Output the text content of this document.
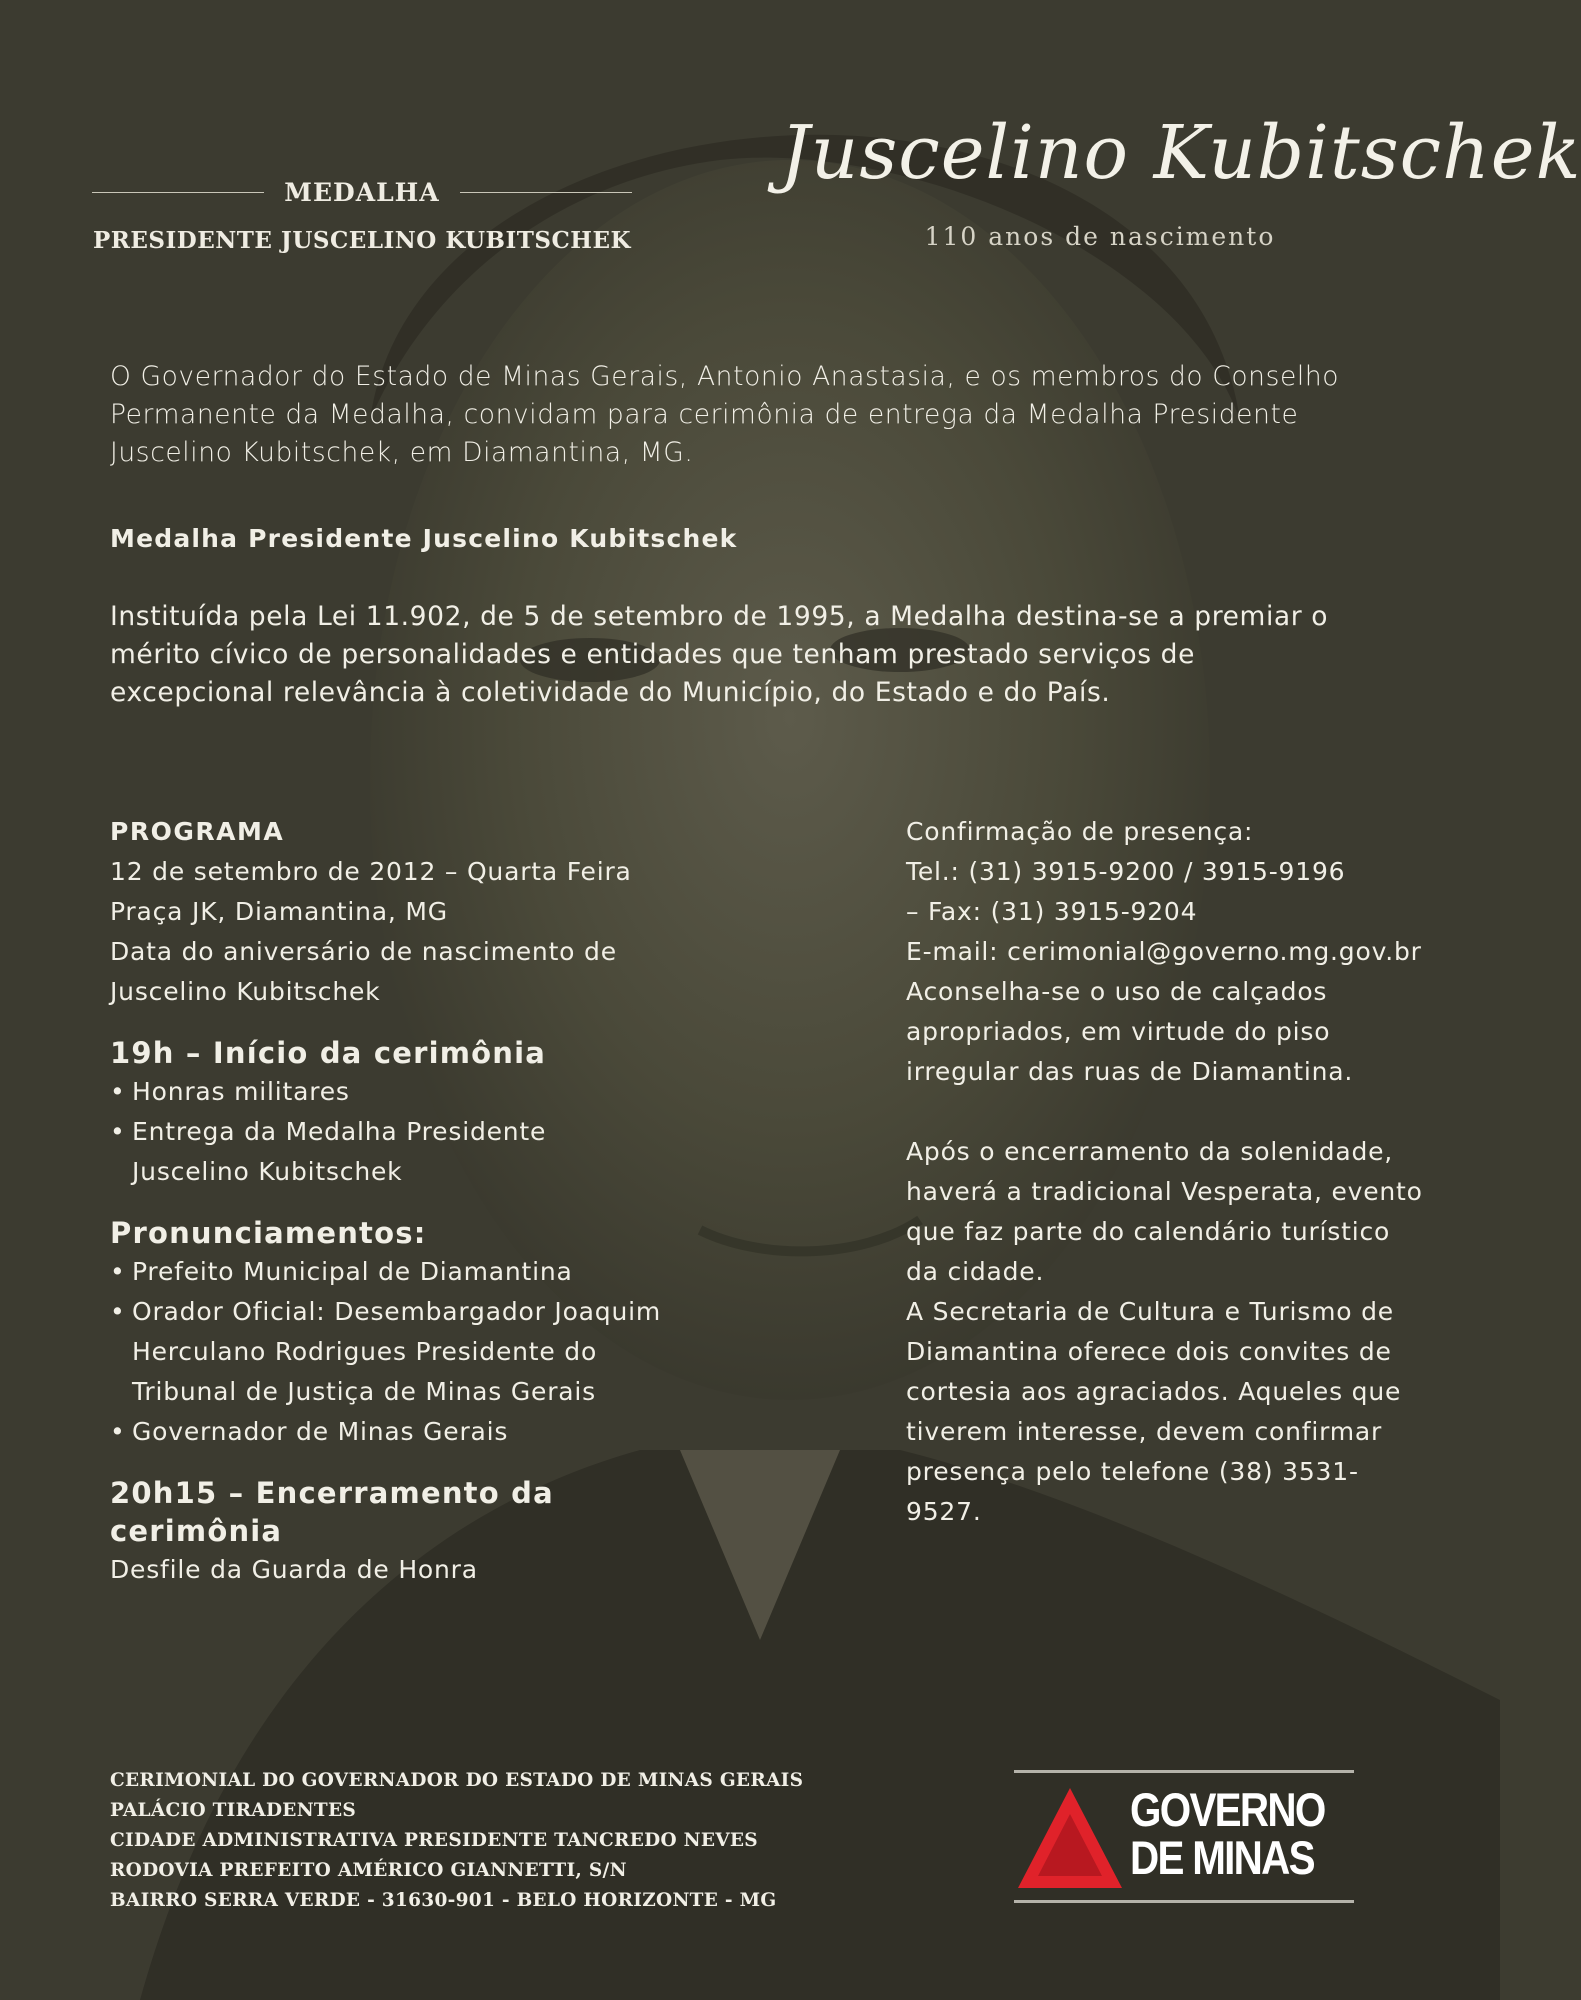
MEDALHA
PRESIDENTE JUSCELINO KUBITSCHEK
Juscelino Kubitschek
110 anos de nascimento
O Governador do Estado de Minas Gerais, Antonio Anastasia, e os membros do Conselho Permanente da Medalha, convidam para cerimônia de entrega da Medalha Presidente Juscelino Kubitschek, em Diamantina, MG.
Medalha Presidente Juscelino Kubitschek
Instituída pela Lei 11.902, de 5 de setembro de 1995, a Medalha destina-se a premiar o mérito cívico de personalidades e entidades que tenham prestado serviços de excepcional relevância à coletividade do Município, do Estado e do País.
PROGRAMA
12 de setembro de 2012 – Quarta Feira
Praça JK, Diamantina, MG
Data do aniversário de nascimento de Juscelino Kubitschek
19h – Início da cerimônia
• Honras militares
• Entrega da Medalha Presidente Juscelino Kubitschek
Pronunciamentos:
• Prefeito Municipal de Diamantina
• Orador Oficial: Desembargador Joaquim Herculano Rodrigues Presidente do Tribunal de Justiça de Minas Gerais
• Governador de Minas Gerais
20h15 – Encerramento da cerimônia
Desfile da Guarda de Honra
Confirmação de presença:
Tel.: (31) 3915-9200 / 3915-9196
– Fax: (31) 3915-9204
E-mail: cerimonial@governo.mg.gov.br
Aconselha-se o uso de calçados apropriados, em virtude do piso irregular das ruas de Diamantina.
Após o encerramento da solenidade, haverá a tradicional Vesperata, evento que faz parte do calendário turístico da cidade.
A Secretaria de Cultura e Turismo de Diamantina oferece dois convites de cortesia aos agraciados. Aqueles que tiverem interesse, devem confirmar presença pelo telefone (38) 3531-9527.
CERIMONIAL DO GOVERNADOR DO ESTADO DE MINAS GERAIS
PALÁCIO TIRADENTES
CIDADE ADMINISTRATIVA PRESIDENTE TANCREDO NEVES
RODOVIA PREFEITO AMÉRICO GIANNETTI, S/N
BAIRRO SERRA VERDE - 31630-901 - BELO HORIZONTE - MG
GOVERNO
DE MINAS
